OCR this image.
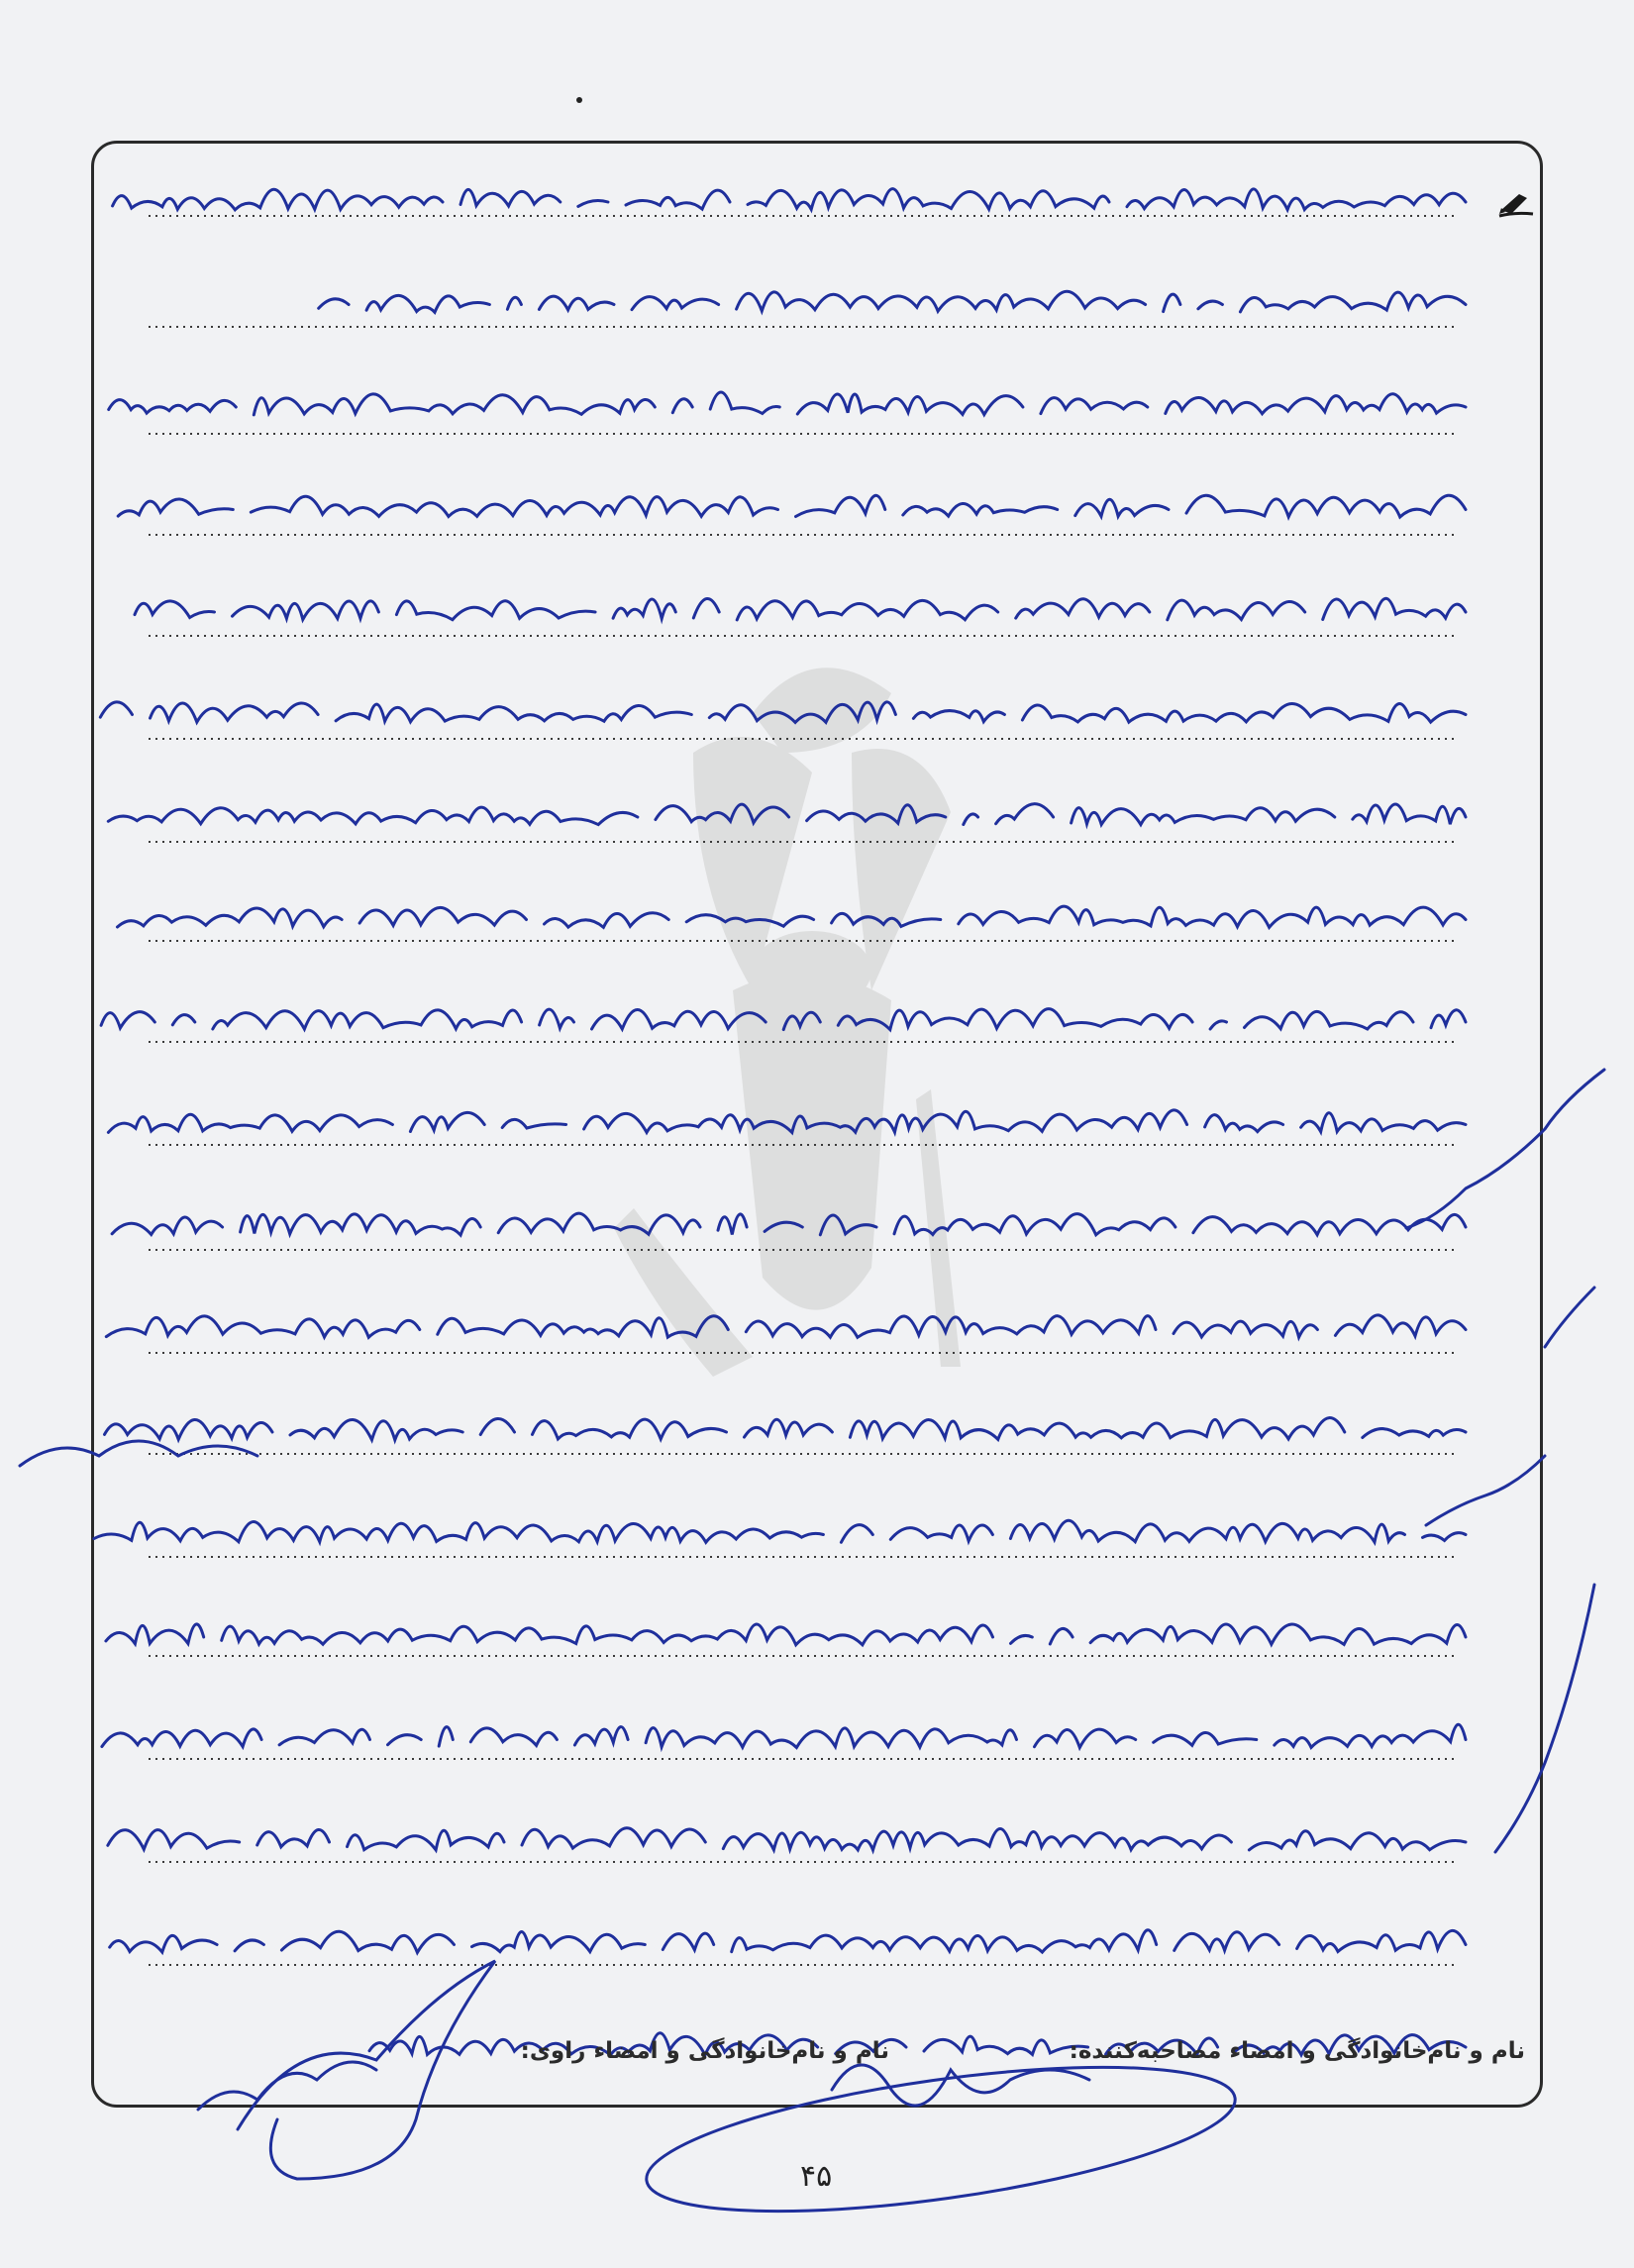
نام و نام‌خانوادگی و امضاء مصاحبه‌کننده:
نام و نام‌خانوادگی و امضاء راوی:
۴۵
